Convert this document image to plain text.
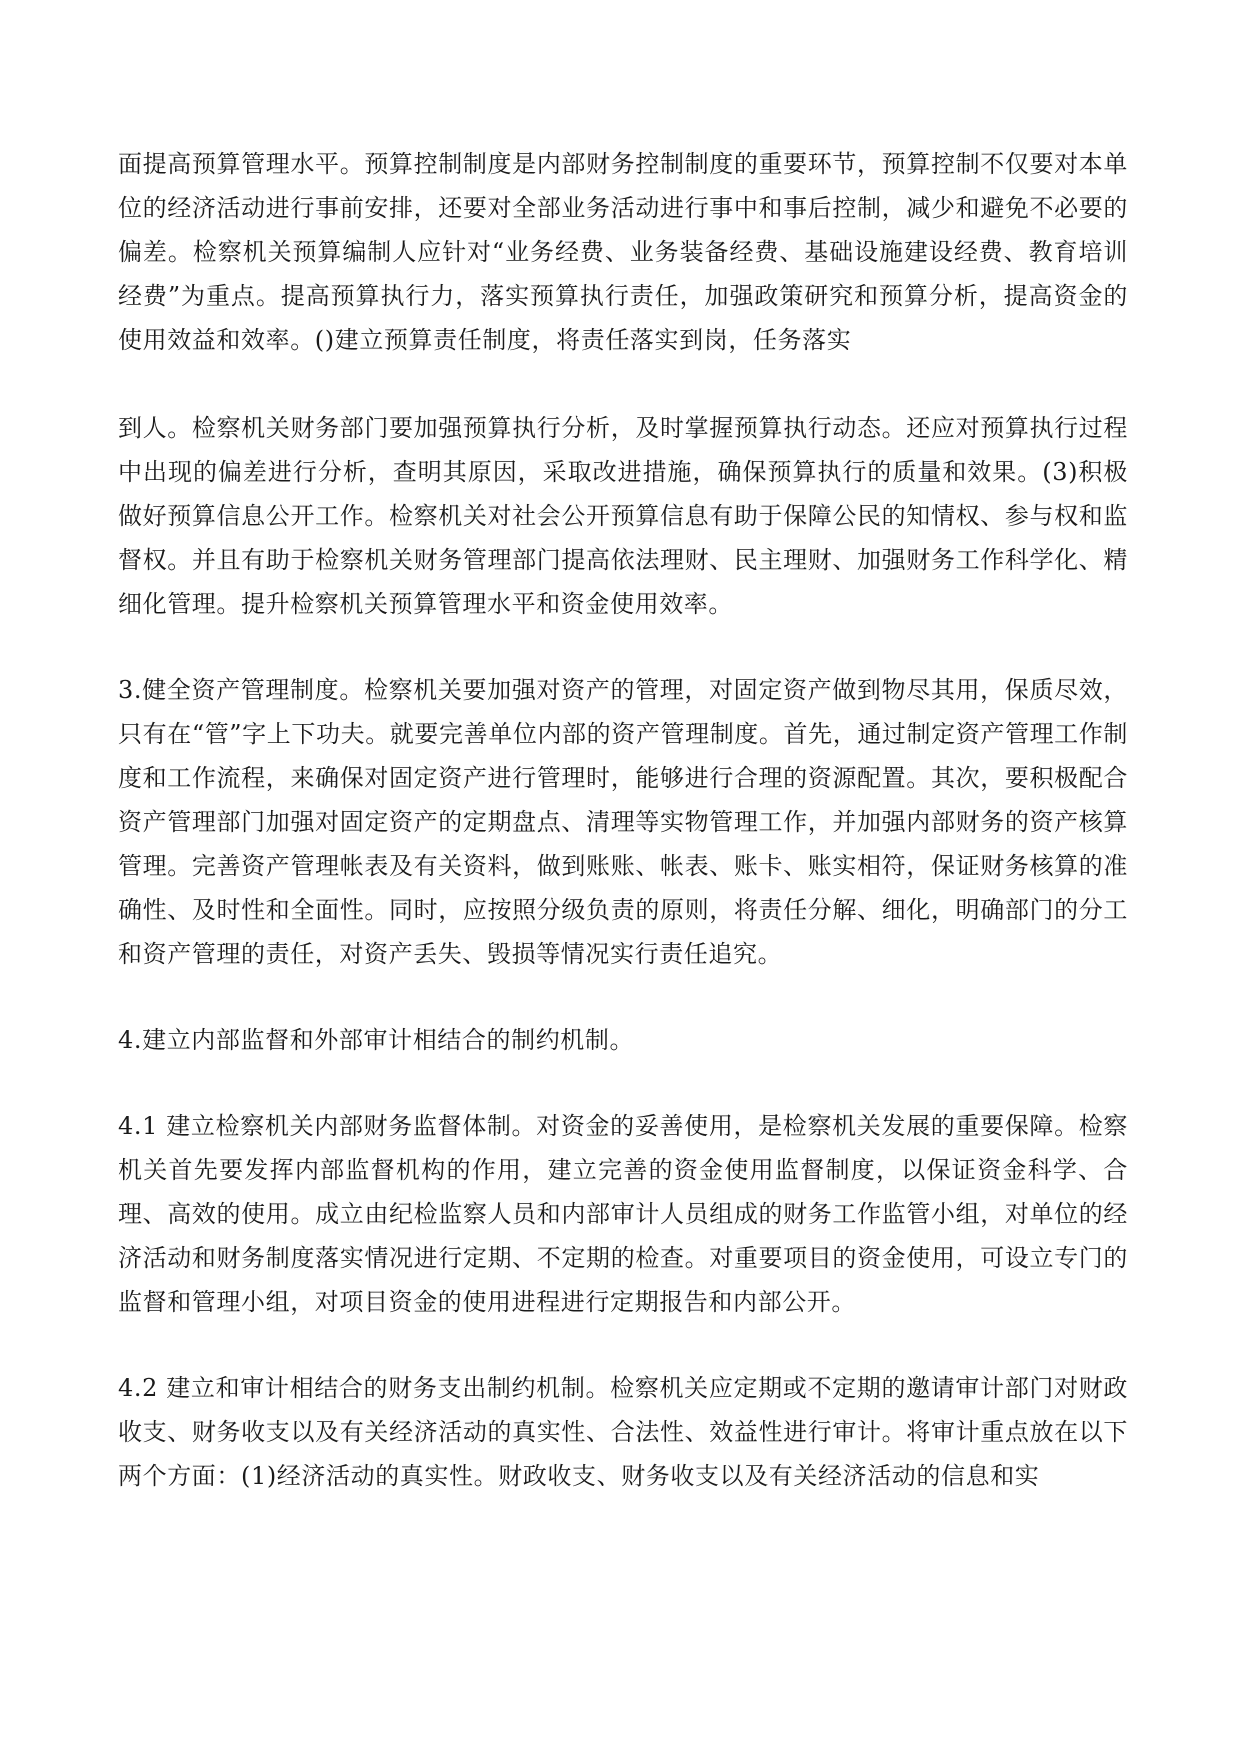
面提高预算管理水平。预算控制制度是内部财务控制制度的重要环节，预算控制不仅要对本单位的经济活动进行事前安排，还要对全部业务活动进行事中和事后控制，减少和避免不必要的偏差。检察机关预算编制人应针对“业务经费、业务装备经费、基础设施建设经费、教育培训经费”为重点。提高预算执行力，落实预算执行责任，加强政策研究和预算分析，提高资金的使用效益和效率。()建立预算责任制度，将责任落实到岗，任务落实

到人。检察机关财务部门要加强预算执行分析，及时掌握预算执行动态。还应对预算执行过程中出现的偏差进行分析，查明其原因，采取改进措施，确保预算执行的质量和效果。(3)积极做好预算信息公开工作。检察机关对社会公开预算信息有助于保障公民的知情权、参与权和监督权。并且有助于检察机关财务管理部门提高依法理财、民主理财、加强财务工作科学化、精细化管理。提升检察机关预算管理水平和资金使用效率。

3.健全资产管理制度。检察机关要加强对资产的管理，对固定资产做到物尽其用，保质尽效，只有在“管”字上下功夫。就要完善单位内部的资产管理制度。首先，通过制定资产管理工作制度和工作流程，来确保对固定资产进行管理时，能够进行合理的资源配置。其次，要积极配合资产管理部门加强对固定资产的定期盘点、清理等实物管理工作，并加强内部财务的资产核算管理。完善资产管理帐表及有关资料，做到账账、帐表、账卡、账实相符，保证财务核算的准确性、及时性和全面性。同时，应按照分级负责的原则，将责任分解、细化，明确部门的分工和资产管理的责任，对资产丢失、毁损等情况实行责任追究。

4.建立内部监督和外部审计相结合的制约机制。

4.1 建立检察机关内部财务监督体制。对资金的妥善使用，是检察机关发展的重要保障。检察机关首先要发挥内部监督机构的作用，建立完善的资金使用监督制度，以保证资金科学、合理、高效的使用。成立由纪检监察人员和内部审计人员组成的财务工作监管小组，对单位的经济活动和财务制度落实情况进行定期、不定期的检查。对重要项目的资金使用，可设立专门的监督和管理小组，对项目资金的使用进程进行定期报告和内部公开。

4.2 建立和审计相结合的财务支出制约机制。检察机关应定期或不定期的邀请审计部门对财政收支、财务收支以及有关经济活动的真实性、合法性、效益性进行审计。将审计重点放在以下两个方面：(1)经济活动的真实性。财政收支、财务收支以及有关经济活动的信息和实
